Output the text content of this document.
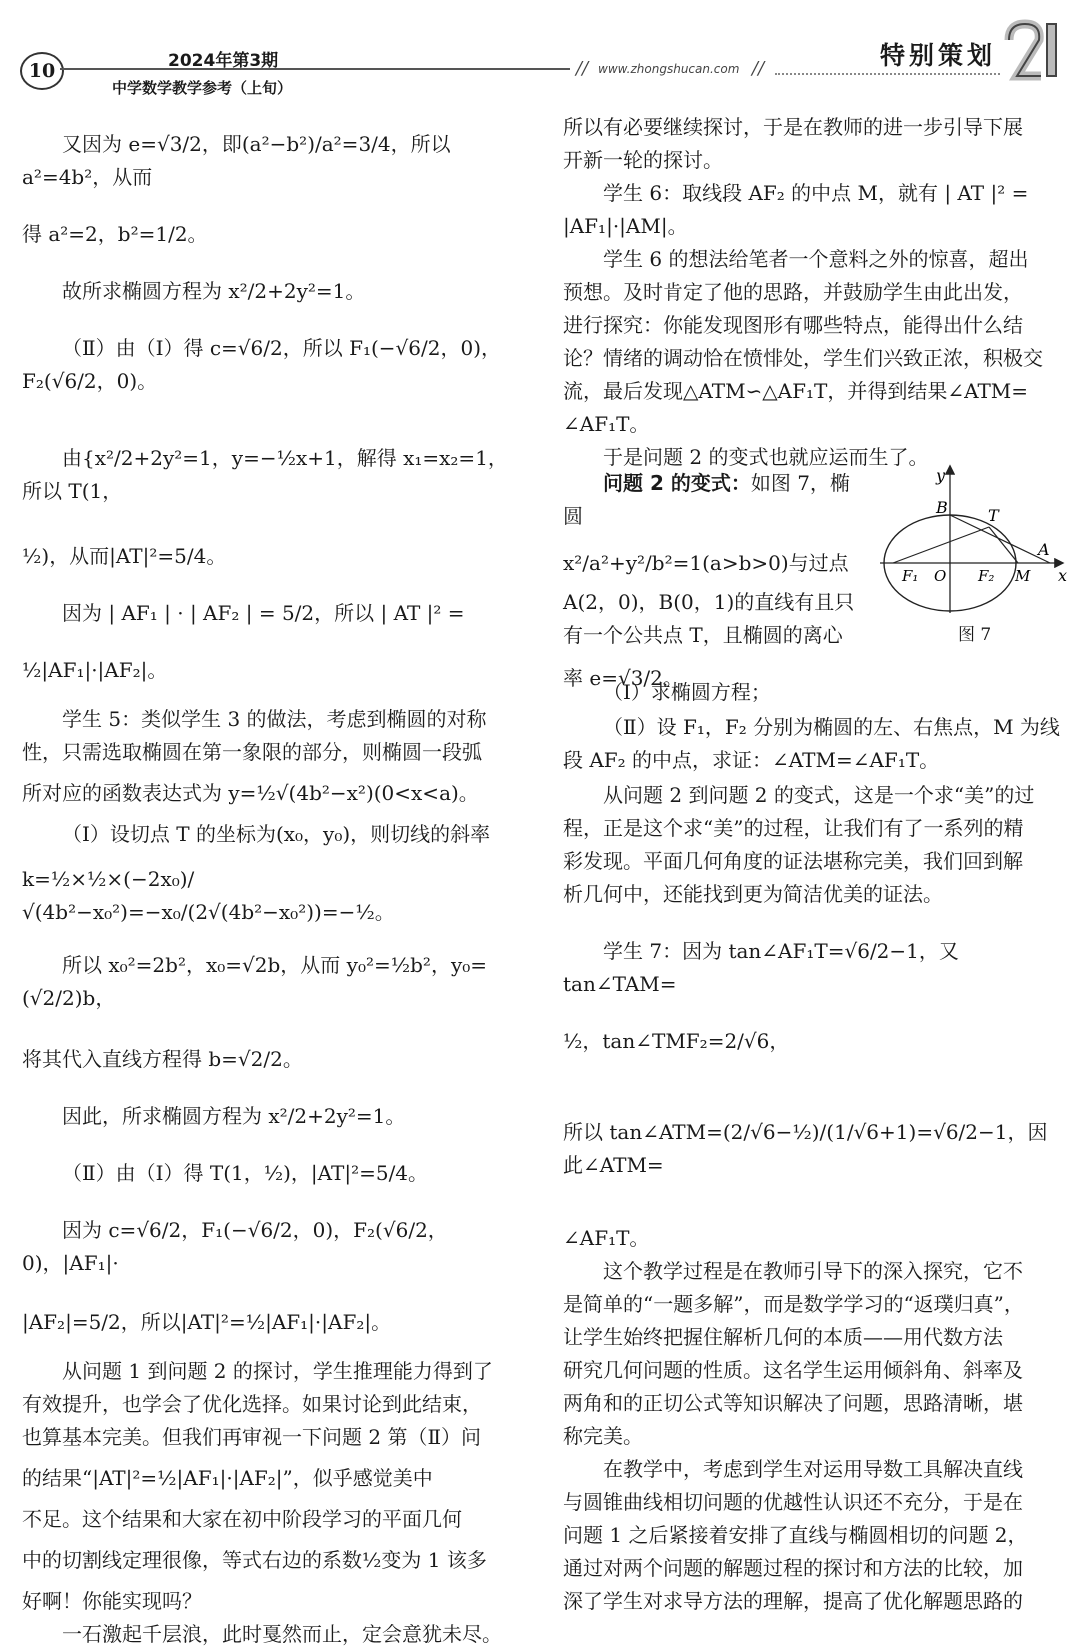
10	2024年第3期
中学数学教学参考（上旬）
// www.zhongshucan.com //	特别策划

又因为 e=√3/2，即(a²−b²)/a²=3/4，所以 a²=4b²，从而

得 a²=2，b²=1/2。

故所求椭圆方程为 x²/2+2y²=1。

（Ⅱ）由（Ⅰ）得 c=√6/2，所以 F₁(−√6/2，0)，F₂(√6/2，0)。

由{x²/2+2y²=1，y=−½x+1，解得 x₁=x₂=1，所以 T(1，

½)，从而|AT|²=5/4。

因为 | AF₁ | · | AF₂ | = 5/2，所以 | AT |² =

½|AF₁|·|AF₂|。

学生 5：类似学生 3 的做法，考虑到椭圆的对称

性，只需选取椭圆在第一象限的部分，则椭圆一段弧

所对应的函数表达式为 y=½√(4b²−x²)(0<x<a)。

（Ⅰ）设切点 T 的坐标为(x₀，y₀)，则切线的斜率

k=½×½×(−2x₀)/√(4b²−x₀²)=−x₀/(2√(4b²−x₀²))=−½。

所以 x₀²=2b²，x₀=√2b，从而 y₀²=½b²，y₀=(√2/2)b，

将其代入直线方程得 b=√2/2。

因此，所求椭圆方程为 x²/2+2y²=1。

（Ⅱ）由（Ⅰ）得 T(1，½)，|AT|²=5/4。

因为 c=√6/2，F₁(−√6/2，0)，F₂(√6/2，0)，|AF₁|·

|AF₂|=5/2，所以|AT|²=½|AF₁|·|AF₂|。

从问题 1 到问题 2 的探讨，学生推理能力得到了

有效提升，也学会了优化选择。如果讨论到此结束，

也算基本完美。但我们再审视一下问题 2 第（Ⅱ）问

的结果“|AT|²=½|AF₁|·|AF₂|”，似乎感觉美中

不足。这个结果和大家在初中阶段学习的平面几何

中的切割线定理很像，等式右边的系数½变为 1 该多

好啊！你能实现吗？

一石激起千层浪，此时戛然而止，定会意犹未尽。

所以有必要继续探讨，于是在教师的进一步引导下展

开新一轮的探讨。

学生 6：取线段 AF₂ 的中点 M，就有 | AT |² =

|AF₁|·|AM|。

学生 6 的想法给笔者一个意料之外的惊喜，超出

预想。及时肯定了他的思路，并鼓励学生由此出发，

进行探究：你能发现图形有哪些特点，能得出什么结

论？情绪的调动恰在愤悱处，学生们兴致正浓，积极交

流，最后发现△ATM∽△AF₁T，并得到结果∠ATM=

∠AF₁T。

于是问题 2 的变式也就应运而生了。

问题 2 的变式：如图 7，椭圆

x²/a²+y²/b²=1(a>b>0)与过点

A(2，0)，B(0，1)的直线有且只

有一个公共点 T，且椭圆的离心

率 e=√3/2。

y
x
B	T
A
F₁ O F₂ M
图 7

（Ⅰ）求椭圆方程；

（Ⅱ）设 F₁，F₂ 分别为椭圆的左、右焦点，M 为线

段 AF₂ 的中点，求证：∠ATM=∠AF₁T。

从问题 2 到问题 2 的变式，这是一个求“美”的过

程，正是这个求“美”的过程，让我们有了一系列的精

彩发现。平面几何角度的证法堪称完美，我们回到解

析几何中，还能找到更为简洁优美的证法。

学生 7：因为 tan∠AF₁T=√6/2−1，又 tan∠TAM=

½，tan∠TMF₂=2/√6，

所以 tan∠ATM=(2/√6−½)/(1/√6+1)=√6/2−1，因此∠ATM=

∠AF₁T。

这个教学过程是在教师引导下的深入探究，它不

是简单的“一题多解”，而是数学学习的“返璞归真”，

让学生始终把握住解析几何的本质——用代数方法

研究几何问题的性质。这名学生运用倾斜角、斜率及

两角和的正切公式等知识解决了问题，思路清晰，堪

称完美。

在教学中，考虑到学生对运用导数工具解决直线

与圆锥曲线相切问题的优越性认识还不充分，于是在

问题 1 之后紧接着安排了直线与椭圆相切的问题 2，

通过对两个问题的解题过程的探讨和方法的比较，加

深了学生对求导方法的理解，提高了优化解题思路的
